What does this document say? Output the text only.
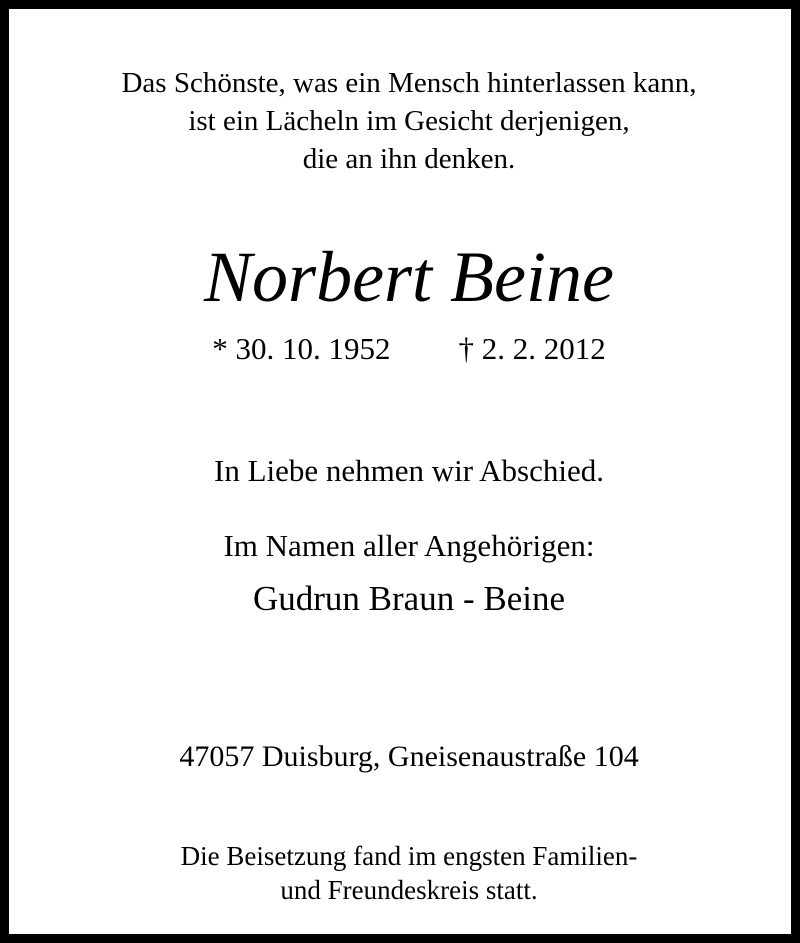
Das Schönste, was ein Mensch hinterlassen kann,
ist ein Lächeln im Gesicht derjenigen,
die an ihn denken.
Norbert Beine
* 30. 10. 1952 † 2. 2. 2012
In Liebe nehmen wir Abschied.
Im Namen aller Angehörigen:
Gudrun Braun - Beine
47057 Duisburg, Gneisenaustraße 104
Die Beisetzung fand im engsten Familien-
und Freundeskreis statt.
